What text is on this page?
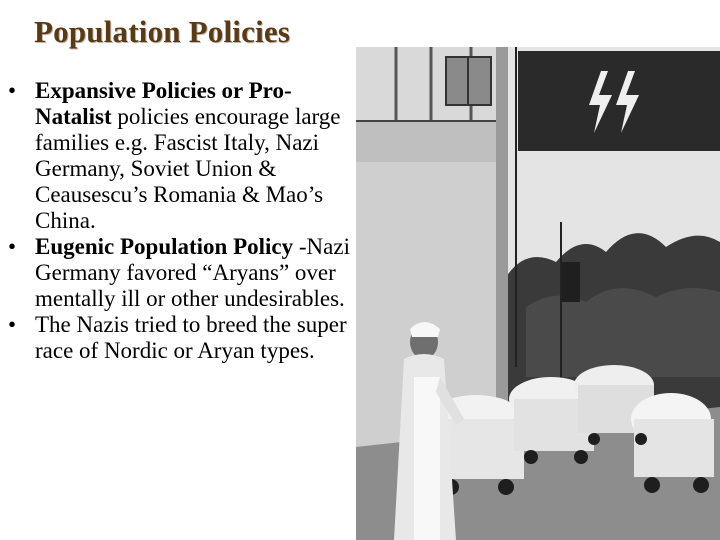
Population Policies
• Expansive Policies or Pro-Natalist policies encourage large families e.g. Fascist Italy, Nazi Germany, Soviet Union & Ceausescu’s Romania & Mao’s China.
• Eugenic Population Policy -Nazi Germany favored “Aryans” over mentally ill or other undesirables.
• The Nazis tried to breed the super race of Nordic or Aryan types.
